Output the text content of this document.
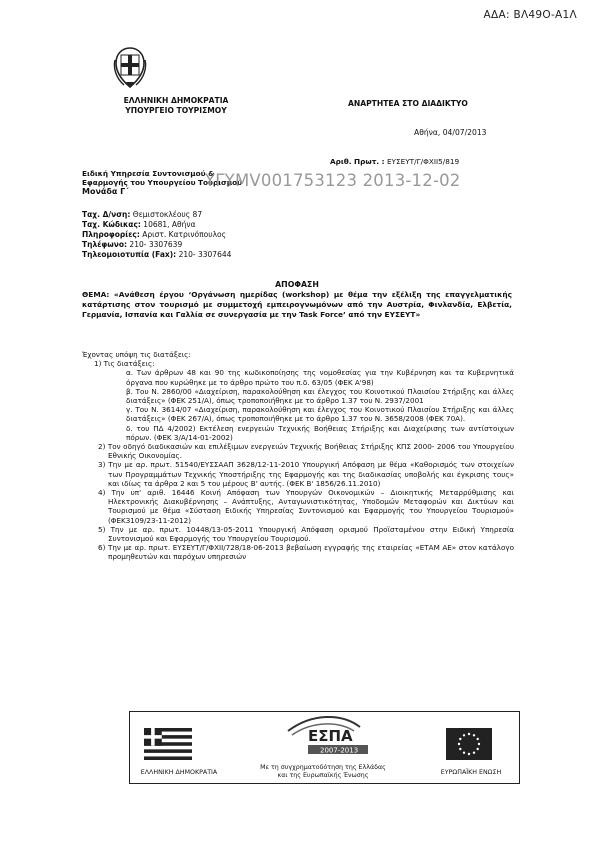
ΑΔΑ: ΒΛ49Ο-Α1Λ
ΕΛΛΗΝΙΚΗ ΔΗΜΟΚΡΑΤΙΑ
ΥΠΟΥΡΓΕΙΟ ΤΟΥΡΙΣΜΟΥ
ΑΝΑΡΤΗΤΕΑ ΣΤΟ ΔΙΑΔΙΚΤΥΟ
Αθήνα, 04/07/2013
Αριθ. Πρωτ. : ΕΥΣΕΥΤ/Γ/ΦΧΙΙ5/819
Ειδική Υπηρεσία Συντονισμού &
Εφαρμογής του Υπουργείου Τουρισμού
Μονάδα Γ΄
ΥΓΥΜV001753123 2013-12-02
Ταχ. Δ/νση: Θεμιστοκλέους 87
Ταχ. Κώδικας: 10681, Αθήνα
Πληροφορίες: Αριστ. Κατρινόπουλος
Τηλέφωνο: 210- 3307639
Τηλεομοιοτυπία (Fax): 210- 3307644
ΑΠΟΦΑΣΗ
ΘΕΜΑ: «Ανάθεση έργου ‘Οργάνωση ημερίδας (workshop) με θέμα την εξέλιξη της επαγγελματικής κατάρτισης στον τουρισμό με συμμετοχή εμπειρογνωμόνων από την Αυστρία, Φινλανδία, Ελβετία, Γερμανία, Ισπανία και Γαλλία σε συνεργασία με την Task Force’ από την ΕΥΣΕΥΤ»

Έχοντας υπόψη τις διατάξεις:

1) Τις διατάξεις:

α. Των άρθρων 48 και 90 της κωδικοποίησης της νομοθεσίας για την Κυβέρνηση και τα Κυβερνητικά όργανα που κυρώθηκε με το άρθρο πρώτο του π.δ. 63/05 (ΦΕΚ Α'98)

β. Του Ν. 2860/00 «Διαχείριση, παρακολούθηση και έλεγχος του Κοινοτικού Πλαισίου Στήριξης και άλλες διατάξεις» (ΦΕΚ 251/Α), όπως τροποποιήθηκε με το άρθρο 1.37 του Ν. 2937/2001

γ. Του Ν. 3614/07 «Διαχείριση, παρακολούθηση και έλεγχος του Κοινοτικού Πλαισίου Στήριξης και άλλες διατάξεις» (ΦΕΚ 267/Α), όπως τροποποιήθηκε με το άρθρο 1.37 του Ν. 3658/2008 (ΦΕΚ 70Α).

δ. του ΠΔ 4/2002) Εκτέλεση ενεργειών Τεχνικής Βοήθειας Στήριξης και Διαχείρισης των αντίστοιχων πόρων. (ΦΕΚ 3/Α/14-01-2002)

2) Τον οδηγό διαδικασιών και επιλέξιμων ενεργειών Τεχνικής Βοήθειας Στήριξης ΚΠΣ 2000- 2006 του Υπουργείου Εθνικής Οικονομίας.

3) Την με αρ. πρωτ. 51540/ΕΥΣΣΑΑΠ 3628/12-11-2010 Υπουργική Απόφαση με θέμα «Καθορισμός των στοιχείων των Προγραμμάτων Τεχνικής Υποστήριξης της Εφαρμογής και της διαδικασίας υποβολής και έγκρισης τους» και ιδίως τα άρθρα 2 και 5 του μέρους Β' αυτής. (ΦΕΚ Β' 1856/26.11.2010)

4) Την υπ' αριθ. 16446 Κοινή Απόφαση των Υπουργών Οικονομικών – Διοικητικής Μεταρρύθμισης και Ηλεκτρονικής Διακυβέρνησης – Ανάπτυξης, Ανταγωνιστικότητας, Υποδομών Μεταφορών και Δικτύων και Τουρισμού με θέμα «Σύσταση Ειδικής Υπηρεσίας Συντονισμού και Εφαρμογής του Υπουργείου Τουρισμού» (ΦΕΚ3109/23-11-2012)

5) Την με αρ. πρωτ. 10448/13-05-2011 Υπουργική Απόφαση ορισμού Προϊσταμένου στην Ειδική Υπηρεσία Συντονισμού και Εφαρμογής του Υπουργείου Τουρισμού.

6) Την με αρ. πρωτ. ΕΥΣΕΥΤ/Γ/ΦΧΙΙ/728/18-06-2013 βεβαίωση εγγραφής της εταιρείας «ΕΤΑΜ ΑΕ» στον κατάλογο προμηθευτών και παρόχων υπηρεσιών

ΕΛΛΗΝΙΚΗ ΔΗΜΟΚΡΑΤΙΑ
ΕΣΠΑ
2007-2013
Με τη συγχρηματοδότηση της Ελλάδας
και της Ευρωπαϊκής Ένωσης	ΕΥΡΩΠΑΪΚΗ ΕΝΩΣΗ
